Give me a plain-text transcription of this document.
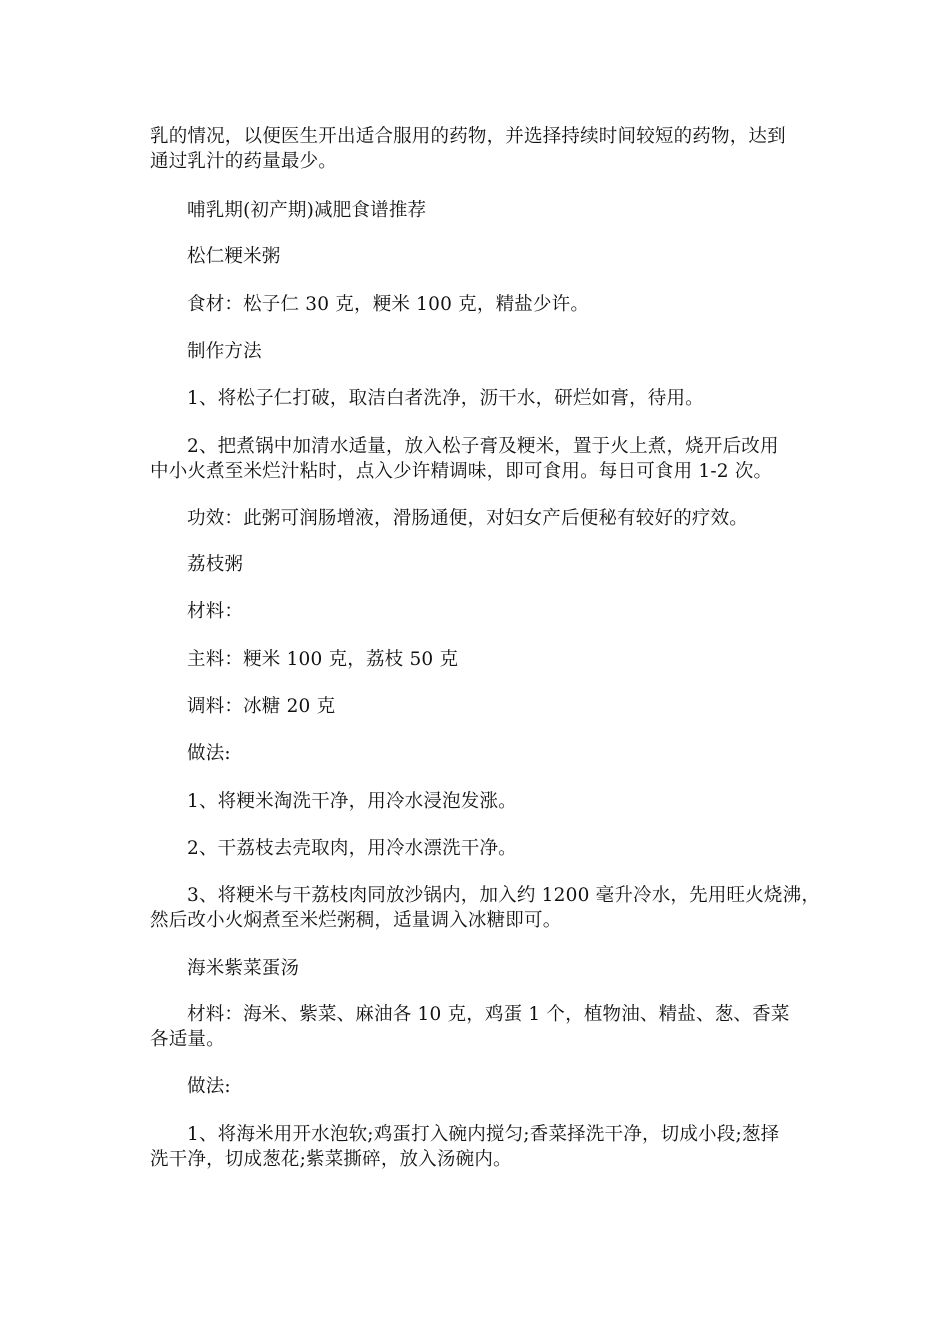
乳的情况，以便医生开出适合服用的药物，并选择持续时间较短的药物，达到
通过乳汁的药量最少。
哺乳期(初产期)减肥食谱推荐
松仁粳米粥
食材：松子仁 30 克，粳米 100 克，精盐少许。
制作方法
1、将松子仁打破，取洁白者洗净，沥干水，研烂如膏，待用。
2、把煮锅中加清水适量，放入松子膏及粳米，置于火上煮，烧开后改用
中小火煮至米烂汁粘时，点入少许精调味，即可食用。每日可食用 1-2 次。
功效：此粥可润肠增液，滑肠通便，对妇女产后便秘有较好的疗效。
荔枝粥
材料：
主料：粳米 100 克，荔枝 50 克
调料：冰糖 20 克
做法:
1、将粳米淘洗干净，用冷水浸泡发涨。
2、干荔枝去壳取肉，用冷水漂洗干净。
3、将粳米与干荔枝肉同放沙锅内，加入约 1200 毫升冷水，先用旺火烧沸，
然后改小火焖煮至米烂粥稠，适量调入冰糖即可。
海米紫菜蛋汤
材料：海米、紫菜、麻油各 10 克，鸡蛋 1 个，植物油、精盐、葱、香菜
各适量。
做法:
1、将海米用开水泡软;鸡蛋打入碗内搅匀;香菜择洗干净，切成小段;葱择
洗干净，切成葱花;紫菜撕碎，放入汤碗内。
